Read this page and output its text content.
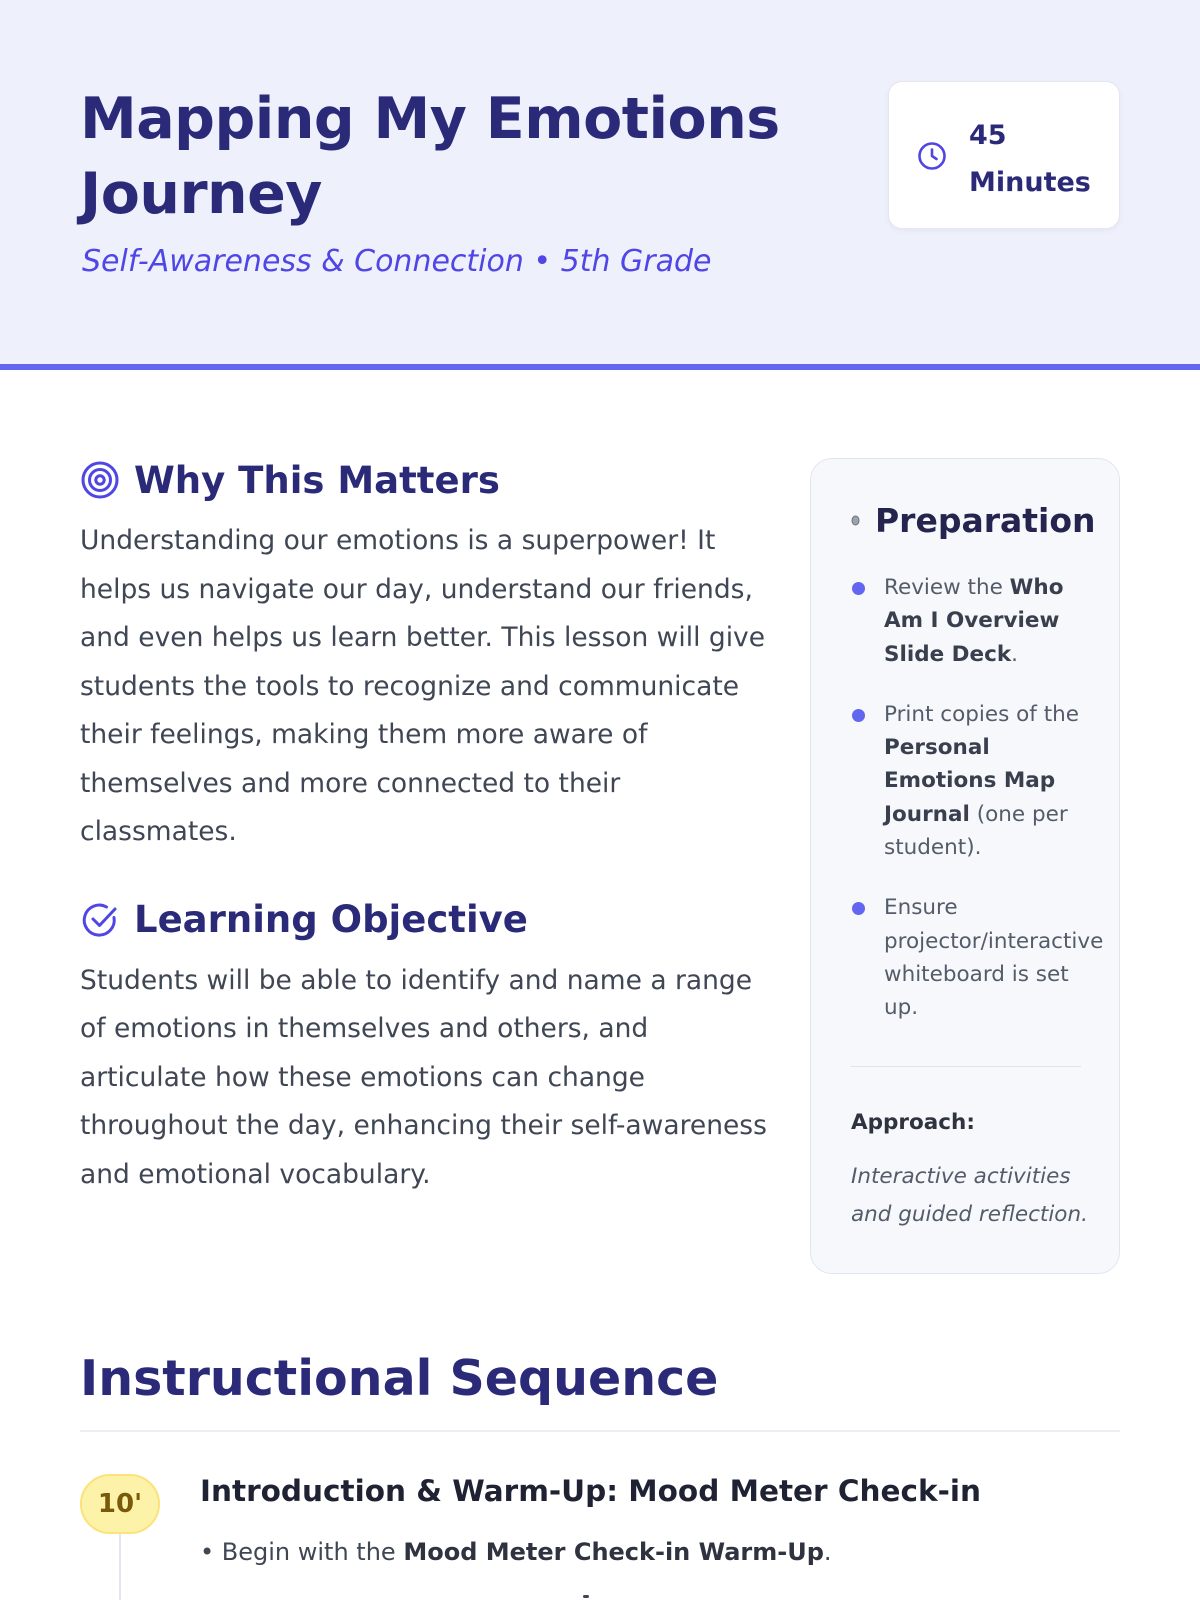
Mapping My Emotions Journey
Self-Awareness & Connection • 5th Grade
45
Minutes
Why This Matters

Understanding our emotions is a superpower! It helps us navigate our day, understand our friends, and even helps us learn better. This lesson will give students the tools to recognize and communicate their feelings, making them more aware of themselves and more connected to their classmates.

Learning Objective

Students will be able to identify and name a range of emotions in themselves and others, and articulate how these emotions can change throughout the day, enhancing their self-awareness and emotional vocabulary.

Preparation
Review the Who Am I Overview Slide Deck.
Print copies of the Personal Emotions Map Journal (one per student).
Ensure projector/interactive whiteboard is set up.
Approach:
Interactive activities and guided reflection.
Instructional Sequence
10'	Introduction & Warm-Up: Mood Meter Check-in
• Begin with the Mood Meter Check-in Warm-Up.
